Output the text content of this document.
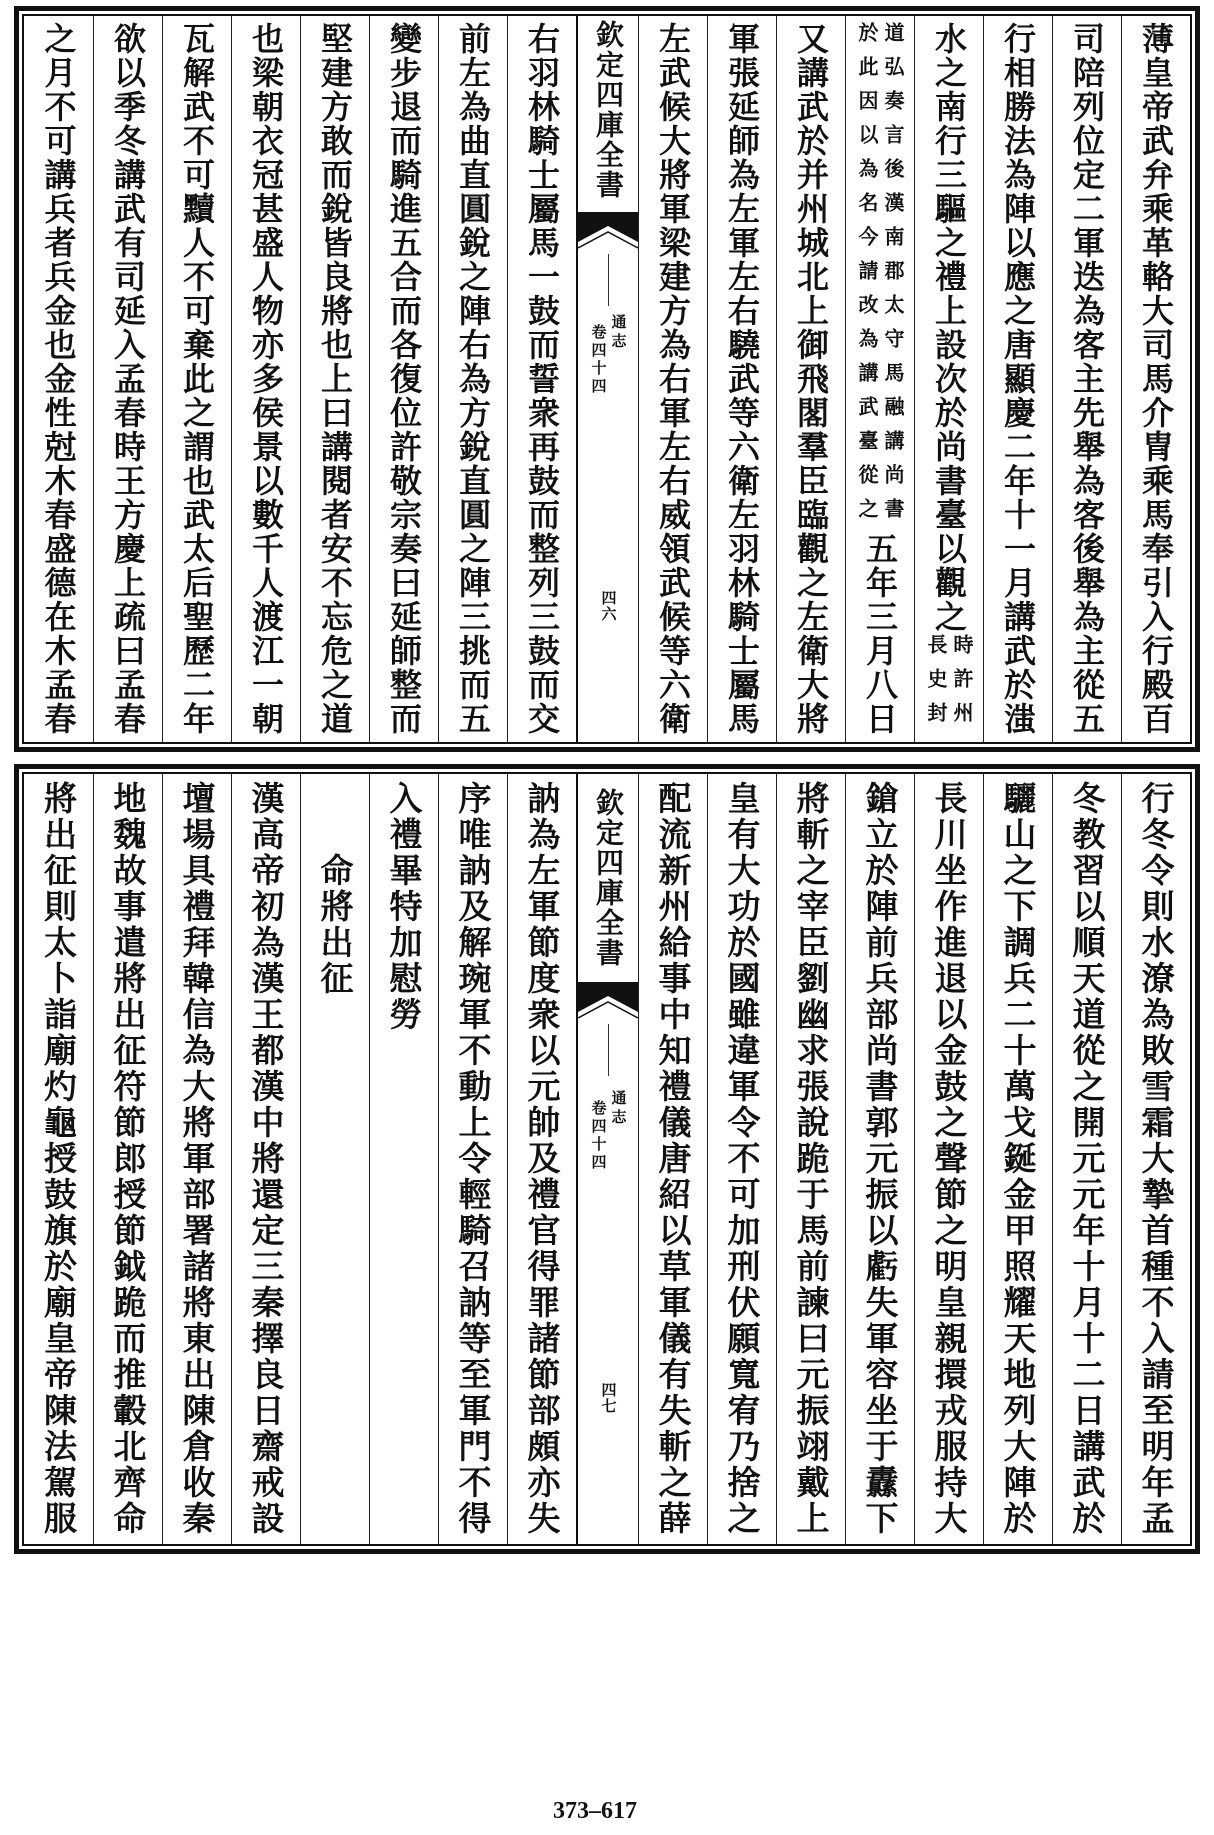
薄皇帝武弁乘革輅大司馬介冑乘馬奉引入行殿百
司陪列位定二軍迭為客主先舉為客後舉為主從五
行相勝法為陣以應之唐顯慶二年十一月講武於滍
水之南行三驅之禮上設次於尚書臺以觀之
時許州
長史封
道弘奏言後漢南郡太守馬融講尚書
於此因以為名今請改為講武臺從之
五年三月八日
又講武於并州城北上御飛閣羣臣臨觀之左衛大將
軍張延師為左軍左右驍武等六衛左羽林騎士屬馬
左武候大將軍梁建方為右軍左右威領武候等六衛
欽定四庫全書
通志
卷四十四
四六
右羽林騎士屬馬一鼓而誓衆再鼓而整列三鼓而交
前左為曲直圓銳之陣右為方銳直圓之陣三挑而五
變步退而騎進五合而各復位許敬宗奏曰延師整而
堅建方敢而銳皆良將也上曰講閱者安不忘危之道
也梁朝衣冠甚盛人物亦多侯景以數千人渡江一朝
瓦解武不可黷人不可棄此之謂也武太后聖歷二年
欲以季冬講武有司延入孟春時王方慶上疏曰孟春
之月不可講兵者兵金也金性尅木春盛德在木孟春
行冬令則水潦為敗雪霜大摯首種不入請至明年孟
冬教習以順天道從之開元元年十月十二日講武於
驪山之下調兵二十萬戈鋋金甲照耀天地列大陣於
長川坐作進退以金鼓之聲節之明皇親擐戎服持大
鎗立於陣前兵部尚書郭元振以虧失軍容坐于纛下
將斬之宰臣劉幽求張說跪于馬前諫曰元振翊戴上
皇有大功於國雖違軍令不可加刑伏願寬宥乃捨之
配流新州給事中知禮儀唐紹以草軍儀有失斬之薛
欽定四庫全書
通志
卷四十四
四七
訥為左軍節度衆以元帥及禮官得罪諸節部頗亦失
序唯訥及解琬軍不動上令輕騎召訥等至軍門不得
入禮畢特加慰勞
命將出征
漢高帝初為漢王都漢中將還定三秦擇良日齋戒設
壇場具禮拜韓信為大將軍部署諸將東出陳倉收秦
地魏故事遣將出征符節郎授節鉞跪而推轂北齊命
將出征則太卜詣廟灼龜授鼓旗於廟皇帝陳法駕服
373–617
